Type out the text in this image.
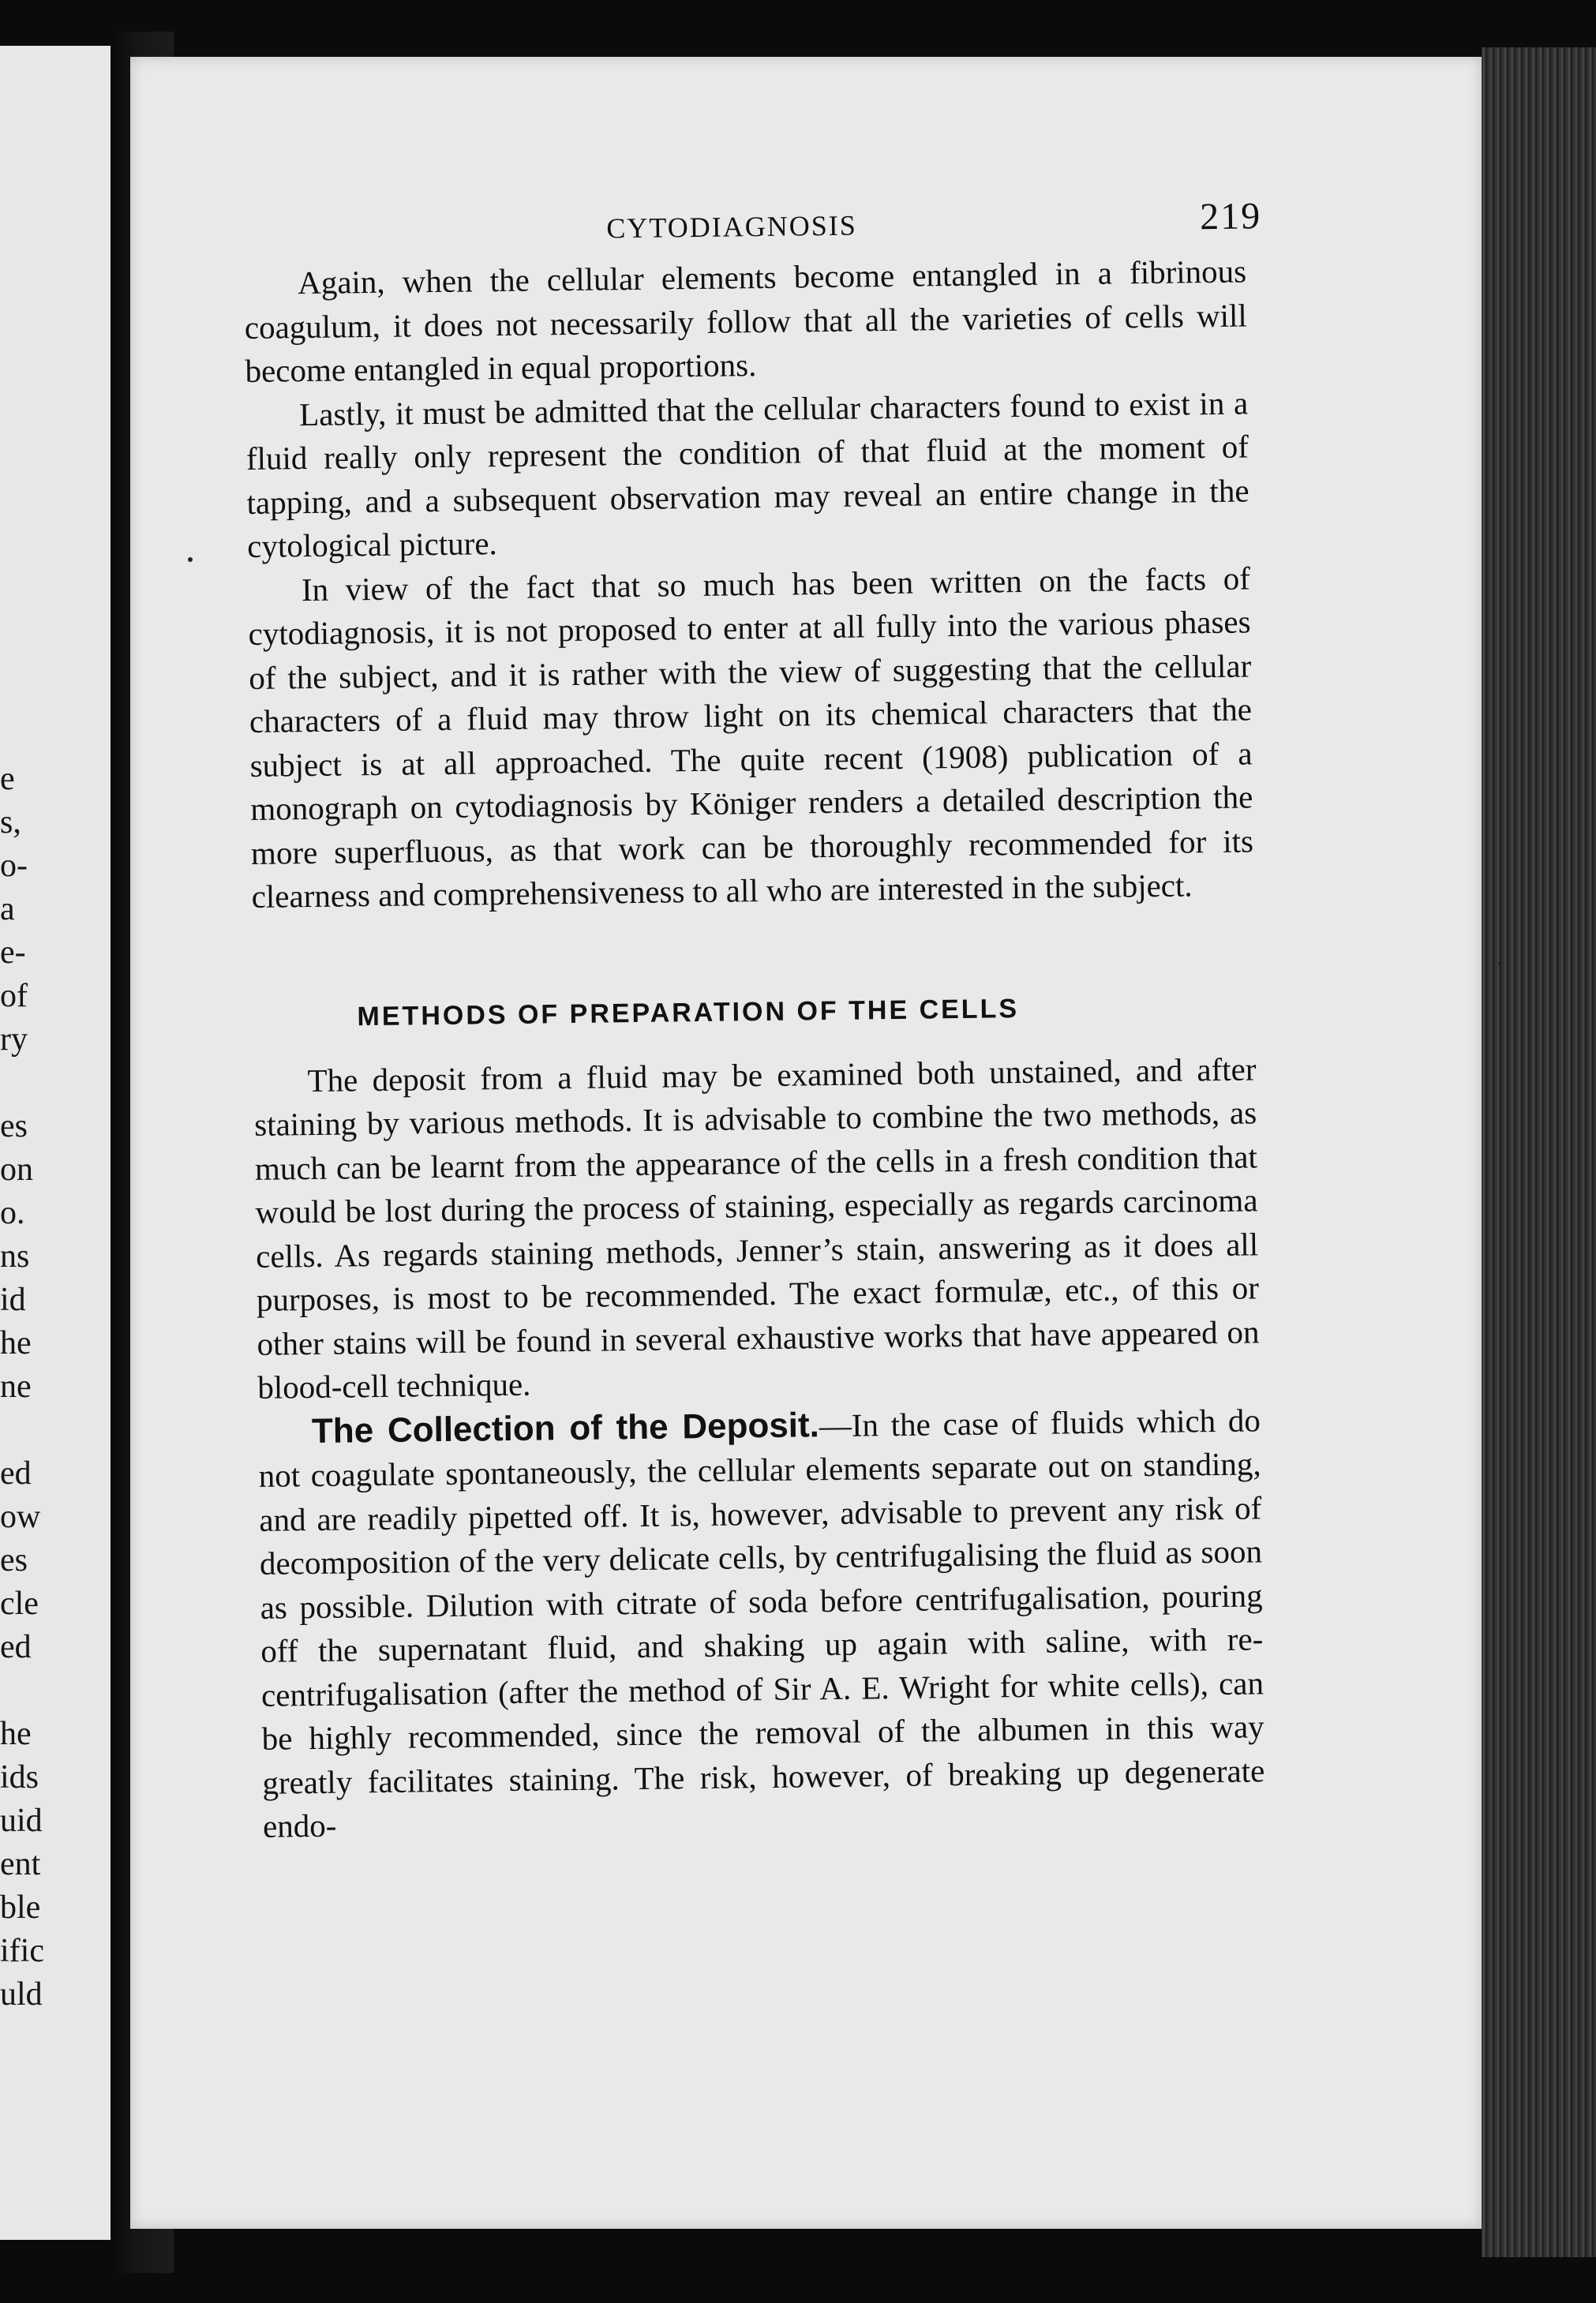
e
s,
o-
a
e-
of
ry
es
on
o.
ns
id
he
ne
ed
ow
es
cle
ed
he
ids
uid
ent
ble
ific
uld
CYTODIAGNOSIS	219

Again, when the cellular elements become entangled in a fibrinous coagulum, it does not necessarily follow that all the varieties of cells will become entangled in equal proportions.

Lastly, it must be admitted that the cellular characters found to exist in a fluid really only represent the condition of that fluid at the moment of tapping, and a subsequent observation may reveal an entire change in the cytological picture.

In view of the fact that so much has been written on the facts of cytodiagnosis, it is not proposed to enter at all fully into the various phases of the subject, and it is rather with the view of suggesting that the cellular characters of a fluid may throw light on its chemical characters that the subject is at all approached. The quite recent (1908) publication of a monograph on cytodiagnosis by Königer renders a detailed description the more superfluous, as that work can be thoroughly recommended for its clearness and comprehensiveness to all who are interested in the subject.

METHODS OF PREPARATION OF THE CELLS

The deposit from a fluid may be examined both unstained, and after staining by various methods. It is advisable to combine the two methods, as much can be learnt from the appearance of the cells in a fresh condition that would be lost during the process of staining, especially as regards carcinoma cells. As regards staining methods, Jenner’s stain, answering as it does all purposes, is most to be recommended. The exact formulæ, etc., of this or other stains will be found in several exhaustive works that have appeared on blood-cell technique.

The Collection of the Deposit.—In the case of fluids which do not coagulate spontaneously, the cellular elements separate out on standing, and are readily pipetted off. It is, however, advisable to prevent any risk of decomposition of the very delicate cells, by centrifugalising the fluid as soon as possible. Dilution with citrate of soda before centrifugalisation, pouring off the supernatant fluid, and shaking up again with saline, with re-centrifugalisation (after the method of Sir A. E. Wright for white cells), can be highly recommended, since the removal of the albumen in this way greatly facilitates staining. The risk, however, of breaking up degenerate endo-
